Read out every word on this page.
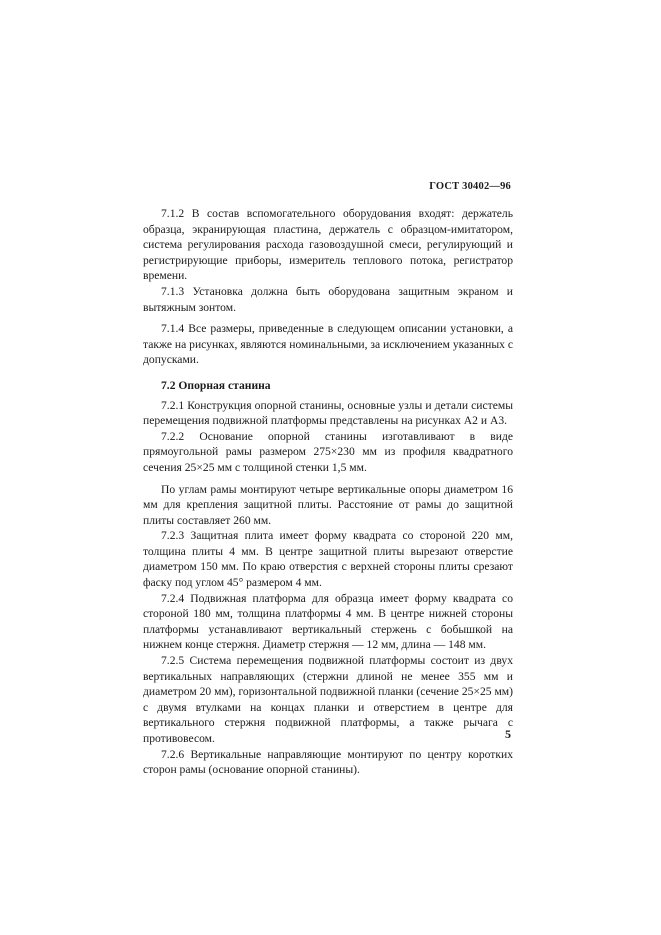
ГОСТ 30402—96

7.1.2 В состав вспомогательного оборудования входят: держатель образца, экранирующая пластина, держатель с образцом-имитатором, система регулирования расхода газовоздушной смеси, регулирующий и регистрирующие приборы, измеритель теплового потока, регистратор времени.

7.1.3 Установка должна быть оборудована защитным экраном и вытяжным зонтом.

7.1.4 Все размеры, приведенные в следующем описании установки, а также на рисунках, являются номинальными, за исключением указанных с допусками.

7.2 Опорная станина

7.2.1 Конструкция опорной станины, основные узлы и детали системы перемещения подвижной платформы представлены на рисунках А2 и А3.

7.2.2 Основание опорной станины изготавливают в виде прямоугольной рамы размером 275×230 мм из профиля квадратного сечения 25×25 мм с толщиной стенки 1,5 мм.

По углам рамы монтируют четыре вертикальные опоры диаметром 16 мм для крепления защитной плиты. Расстояние от рамы до защитной плиты составляет 260 мм.

7.2.3 Защитная плита имеет форму квадрата со стороной 220 мм, толщина плиты 4 мм. В центре защитной плиты вырезают отверстие диаметром 150 мм. По краю отверстия с верхней стороны плиты срезают фаску под углом 45° размером 4 мм.

7.2.4 Подвижная платформа для образца имеет форму квадрата со стороной 180 мм, толщина платформы 4 мм. В центре нижней стороны платформы устанавливают вертикальный стержень с бобышкой на нижнем конце стержня. Диаметр стержня — 12 мм, длина — 148 мм.

7.2.5 Система перемещения подвижной платформы состоит из двух вертикальных направляющих (стержни длиной не менее 355 мм и диаметром 20 мм), горизонтальной подвижной планки (сечение 25×25 мм) с двумя втулками на концах планки и отверстием в центре для вертикального стержня подвижной платформы, а также рычага с противовесом.

7.2.6 Вертикальные направляющие монтируют по центру коротких сторон рамы (основание опорной станины).

5
